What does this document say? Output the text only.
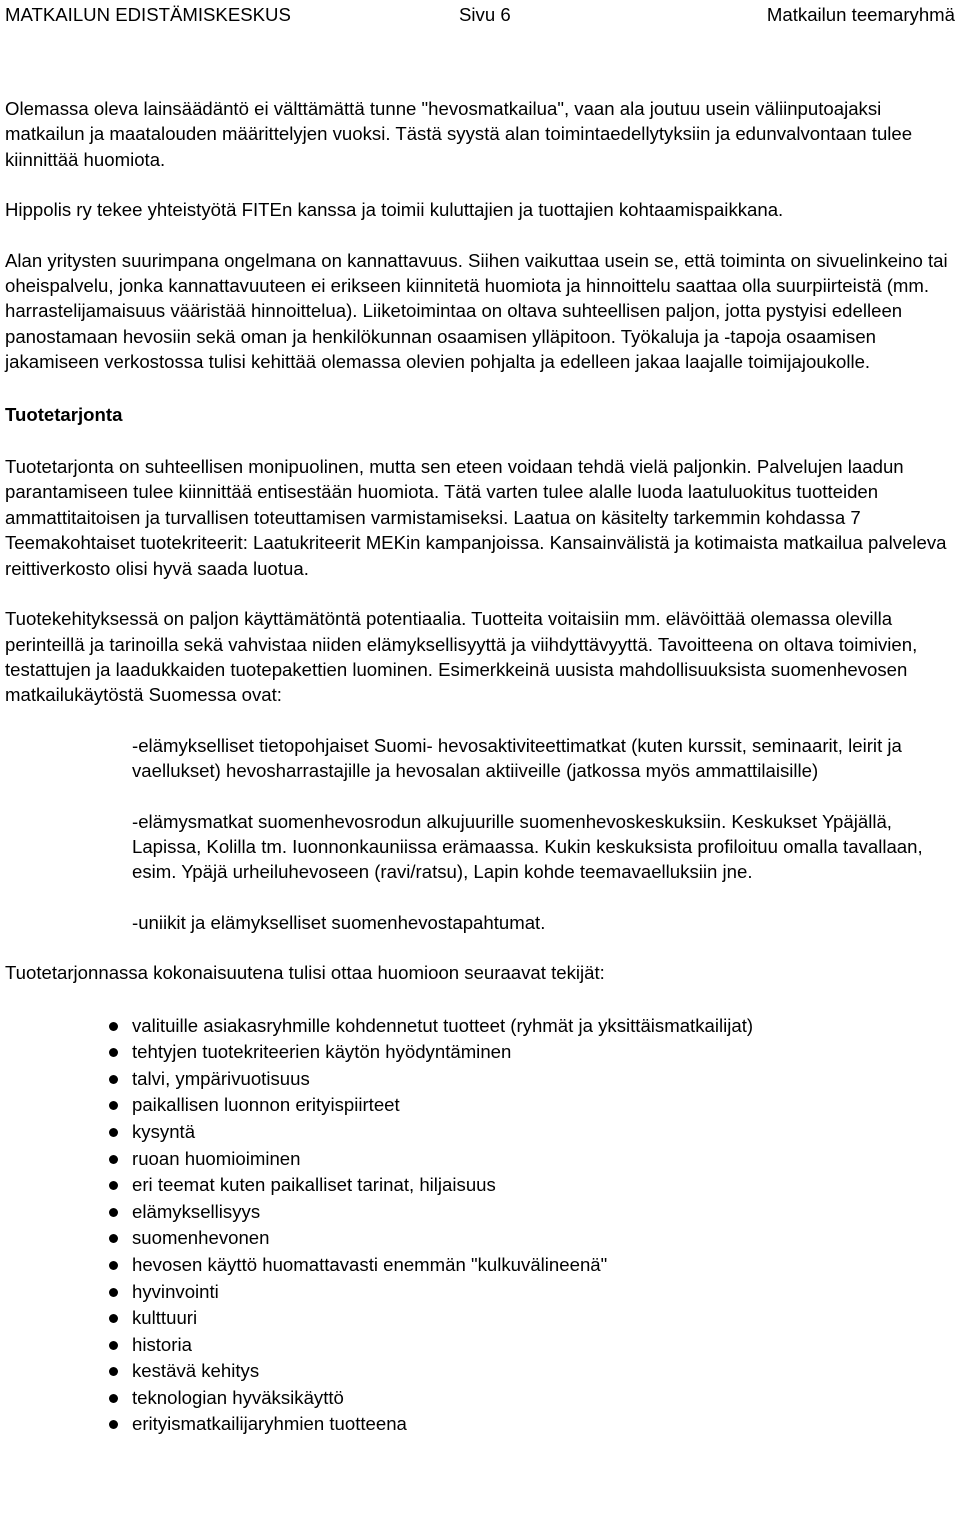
MATKAILUN EDISTÄMISKESKUS	Sivu 6	Matkailun teemaryhmä

Olemassa oleva lainsäädäntö ei välttämättä tunne "hevosmatkailua", vaan ala joutuu usein väliinputoajaksi matkailun ja maatalouden määrittelyjen vuoksi. Tästä syystä alan toimintaedellytyksiin ja edunvalvontaan tulee kiinnittää huomiota.

Hippolis ry tekee yhteistyötä FITEn kanssa ja toimii kuluttajien ja tuottajien kohtaamispaikkana.

Alan yritysten suurimpana ongelmana on kannattavuus. Siihen vaikuttaa usein se, että toiminta on sivuelinkeino tai oheispalvelu, jonka kannattavuuteen ei erikseen kiinnitetä huomiota ja hinnoittelu saattaa olla suurpiirteistä (mm. harrastelijamaisuus vääristää hinnoittelua). Liiketoimintaa on oltava suhteellisen paljon, jotta pystyisi edelleen panostamaan hevosiin sekä oman ja henkilökunnan osaamisen ylläpitoon. Työkaluja ja -tapoja osaamisen jakamiseen verkostossa tulisi kehittää olemassa olevien pohjalta ja edelleen jakaa laajalle toimijajoukolle.

Tuotetarjonta

Tuotetarjonta on suhteellisen monipuolinen, mutta sen eteen voidaan tehdä vielä paljonkin. Palvelujen laadun parantamiseen tulee kiinnittää entisestään huomiota. Tätä varten tulee alalle luoda laatuluokitus tuotteiden ammattitaitoisen ja turvallisen toteuttamisen varmistamiseksi. Laatua on käsitelty tarkemmin kohdassa 7 Teemakohtaiset tuotekriteerit: Laatukriteerit MEKin kampanjoissa. Kansainvälistä ja kotimaista matkailua palveleva reittiverkosto olisi hyvä saada luotua.

Tuotekehityksessä on paljon käyttämätöntä potentiaalia. Tuotteita voitaisiin mm. elävöittää olemassa olevilla perinteillä ja tarinoilla sekä vahvistaa niiden elämyksellisyyttä ja viihdyttävyyttä. Tavoitteena on oltava toimivien, testattujen ja laadukkaiden tuotepakettien luominen. Esimerkkeinä uusista mahdollisuuksista suomenhevosen matkailukäytöstä Suomessa ovat:

-elämykselliset tietopohjaiset Suomi- hevosaktiviteettimatkat (kuten kurssit, seminaarit, leirit ja vaellukset) hevosharrastajille ja hevosalan aktiiveille (jatkossa myös ammattilaisille)

-elämysmatkat suomenhevosrodun alkujuurille suomenhevoskeskuksiin. Keskukset Ypäjällä, Lapissa, Kolilla tm. Iuonnonkauniissa erämaassa. Kukin keskuksista profiloituu omalla tavallaan, esim. Ypäjä urheiluhevoseen (ravi/ratsu), Lapin kohde teemavaelluksiin jne.

-uniikit ja elämykselliset suomenhevostapahtumat.

Tuotetarjonnassa kokonaisuutena tulisi ottaa huomioon seuraavat tekijät:

valituille asiakasryhmille kohdennetut tuotteet (ryhmät ja yksittäismatkailijat)
tehtyjen tuotekriteerien käytön hyödyntäminen
talvi, ympärivuotisuus
paikallisen luonnon erityispiirteet
kysyntä
ruoan huomioiminen
eri teemat kuten paikalliset tarinat, hiljaisuus
elämyksellisyys
suomenhevonen
hevosen käyttö huomattavasti enemmän "kulkuvälineenä"
hyvinvointi
kulttuuri
historia
kestävä kehitys
teknologian hyväksikäyttö
erityismatkailijaryhmien tuotteena
